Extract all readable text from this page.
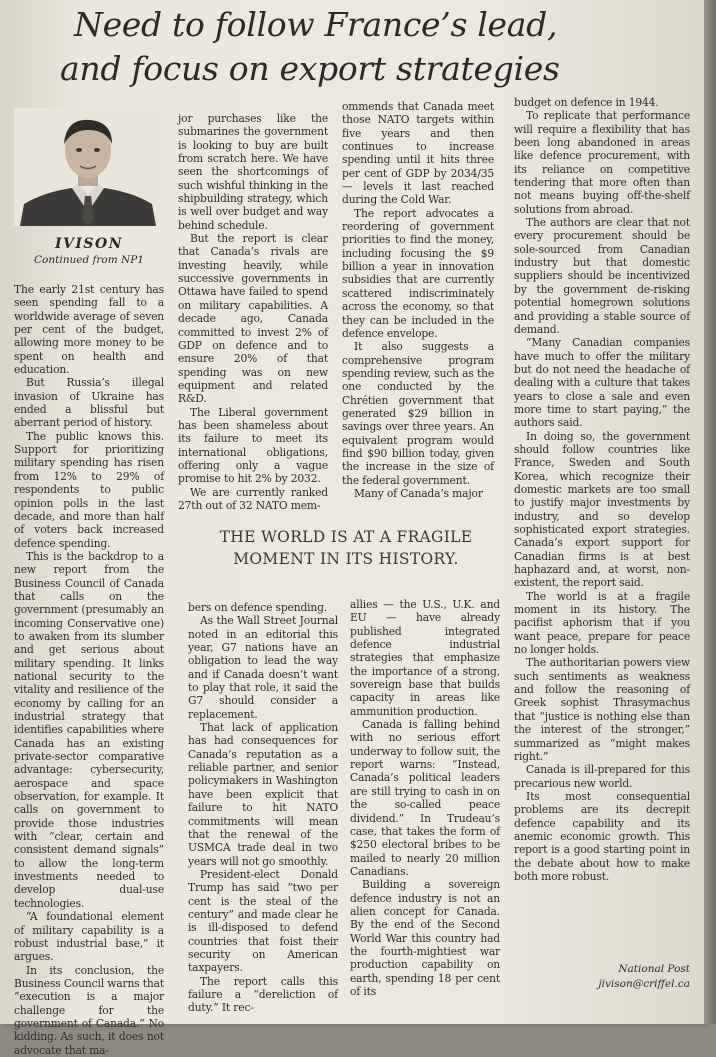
Need to follow France’s lead,
and focus on export strategies
IVISON
Continued from NP1

The early 21st century has seen spending fall to a worldwide average of seven per cent of the budget, allowing more money to be spent on health and education.

But Russia’s illegal invasion of Ukraine has ended a blissful but aberrant period of history.

The public knows this. Support for prioritizing military spending has risen from 12% to 29% of respondents to public opinion polls in the last decade, and more than half of voters back increased defence spending.

This is the backdrop to a new report from the Business Council of Canada that calls on the government (presumably an incoming Conservative one) to awaken from its slumber and get serious about military spending. It links national security to the vitality and resilience of the economy by calling for an industrial strategy that identifies capabilities where Canada has an existing private-sector comparative advantage: cybersecurity, aerospace and space observation, for example. It calls on government to provide those industries with “clear, certain and consistent demand signals” to allow the long-term investments needed to develop dual-use technologies.

“A foundational element of military capability is a robust industrial base,” it argues.

In its conclusion, the Business Council warns that “execution is a major challenge for the government of Canada.” No kidding. As such, it does not advocate that ma-

jor purchases like the submarines the government is looking to buy are built from scratch here. We have seen the shortcomings of such wishful thinking in the shipbuilding strategy, which is well over budget and way behind schedule.

But the report is clear that Canada’s rivals are investing heavily, while successive governments in Ottawa have failed to spend on military capabilities. A decade ago, Canada committed to invest 2% of GDP on defence and to ensure 20% of that spending was on new equipment and related R&D.

The Liberal government has been shameless about its failure to meet its international obligations, offering only a vague promise to hit 2% by 2032.

We are currently ranked 27th out of 32 NATO mem-

ommends that Canada meet those NATO targets within five years and then continues to increase spending until it hits three per cent of GDP by 2034/35 — levels it last reached during the Cold War.

The report advocates a reordering of government priorities to find the money, including focusing the $9 billion a year in innovation subsidies that are currently scattered indiscriminately across the economy, so that they can be included in the defence envelope.

It also suggests a comprehensive program spending review, such as the one conducted by the Chrétien government that generated $29 billion in savings over three years. An equivalent program would find $90 billion today, given the increase in the size of the federal government.

Many of Canada’s major

THE WORLD IS AT A FRAGILE
MOMENT IN ITS HISTORY.

bers on defence spending.

As the Wall Street Journal noted in an editorial this year, G7 nations have an obligation to lead the way and if Canada doesn’t want to play that role, it said the G7 should consider a replacement.

That lack of application has had consequences for Canada’s reputation as a reliable partner, and senior policymakers in Washington have been explicit that failure to hit NATO commitments will mean that the renewal of the USMCA trade deal in two years will not go smoothly.

President-elect Donald Trump has said “two per cent is the steal of the century” and made clear he is ill-disposed to defend countries that foist their security on American taxpayers.

The report calls this failure a “dereliction of duty.” It rec-

allies — the U.S., U.K. and EU — have already published integrated defence industrial strategies that emphasize the importance of a strong, sovereign base that builds capacity in areas like ammunition production.

Canada is falling behind with no serious effort underway to follow suit, the report warns: “Instead, Canada’s political leaders are still trying to cash in on the so-called peace dividend.” In Trudeau’s case, that takes the form of $250 electoral bribes to be mailed to nearly 20 million Canadians.

Building a sovereign defence industry is not an alien concept for Canada. By the end of the Second World War this country had the fourth-mightiest war production capability on earth, spending 18 per cent of its

budget on defence in 1944.

To replicate that performance will require a flexibility that has been long abandoned in areas like defence procurement, with its reliance on competitive tendering that more often than not means buying off-the-shelf solutions from abroad.

The authors are clear that not every procurement should be sole-sourced from Canadian industry but that domestic suppliers should be incentivized by the government de-risking potential homegrown solutions and providing a stable source of demand.

“Many Canadian companies have much to offer the military but do not need the headache of dealing with a culture that takes years to close a sale and even more time to start paying,” the authors said.

In doing so, the government should follow countries like France, Sweden and South Korea, which recognize their domestic markets are too small to justify major investments by industry, and so develop sophisticated export strategies. Canada’s export support for Canadian firms is at best haphazard and, at worst, non-existent, the report said.

The world is at a fragile moment in its history. The pacifist aphorism that if you want peace, prepare for peace no longer holds.

The authoritarian powers view such sentiments as weakness and follow the reasoning of Greek sophist Thrasymachus that “justice is nothing else than the interest of the stronger,” summarized as “might makes right.”

Canada is ill-prepared for this precarious new world.

Its most consequential problems are its decrepit defence capability and its anemic economic growth. This report is a good starting point in the debate about how to make both more robust.

National Post
jivison@criffel.ca
